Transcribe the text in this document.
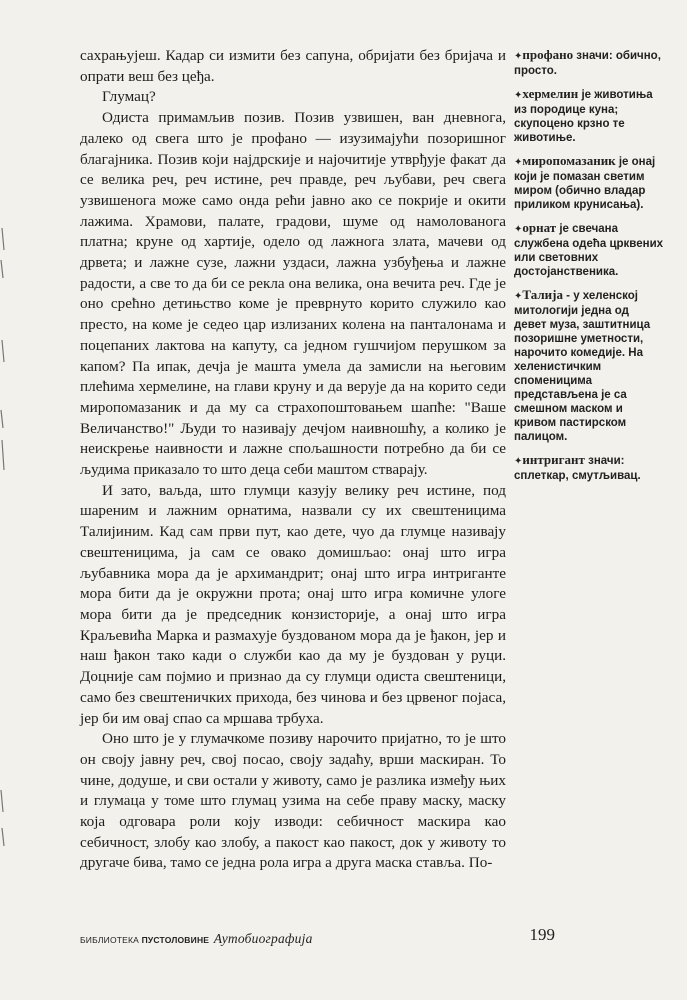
сахрањујеш. Кадар си измити без сапуна, обријати без бријача и опрати веш без цеђа.

Глумац?

Одиста примамљив позив. Позив узвишен, ван дневнога, далеко од свега што је профано — изузимајући позоришног благајника. Позив који најдрскије и најочитије утврђује факат да се велика реч, реч истине, реч правде, реч љубави, реч свега узвишенога може само онда рећи јавно ако се покрије и окити лажима. Храмови, палате, градови, шуме од намолованога платна; круне од хартије, одело од лажнога злата, мачеви од дрвета; и лажне сузе, лажни уздаси, лажна узбуђења и лажне радости, а све то да би се рекла она велика, она вечита реч. Где је оно срећно детињство коме је преврнуто корито служило као престо, на коме је седео цар излизаних колена на панталонама и поцепаних лактова на капуту, са једном гушчијом перушком за капом? Па ипак, дечја је машта умела да замисли на његовим плећима хермелине, на глави круну и да верује да на корито седи миропомазаник и да му са страхопоштовањем шапће: "Ваше Величанство!" Људи то називају дечјом наивношћу, а колико је неискрење наивности и лажне спољашности потребно да би се људима приказало то што деца себи маштом стварају.

И зато, ваљда, што глумци казују велику реч истине, под шареним и лажним орнатима, назвали су их свештеницима Талијиним. Кад сам први пут, као дете, чуо да глумце називају свештеницима, ја сам се овако домишљао: онај што игра љубавника мора да је архимандрит; онај што игра интриганте мора бити да је окружни прота; онај што игра комичне улоге мора бити да је председник конзисторије, а онај што игра Краљевића Марка и размахује буздованом мора да је ђакон, јер и наш ђакон тако кади о служби као да му је буздован у руци. Доцније сам појмио и признао да су глумци одиста свештеници, само без свештеничких прихода, без чинова и без црвеног појаса, јер би им овај спао са мршава трбуха.

Оно што је у глумачкоме позиву нарочито пријатно, то је што он своју јавну реч, свој посао, своју задаћу, врши маскиран. То чине, додуше, и сви остали у животу, само је разлика између њих и глумаца у томе што глумац узима на себе праву маску, маску која одговара роли коју изводи: себичност маскира као себичност, злобу као злобу, а пакост као пакост, док у животу то другаче бива, тамо се једна рола игра а друга маска ставља. По-

✦профано значи: обично, просто.
✦хермелин је животиња из породице куна; скупоцено крзно те животиње.
✦миропомазаник је онај који је помазан светим миром (обично владар приликом крунисања).
✦орнат је свечана службена одећа црквених или световних достојанственика.
✦Талија - у хеленској митологији једна од девет муза, заштитница позоришне уметности, нарочито комедије. На хеленистичким споменицима представљена је са смешном маском и кривом пастирском палицом.
✦интригант значи: сплеткар, смутљивац.
БИБЛИОТЕКА ПУСТОЛОВИНЕ Аутобиографија	199
